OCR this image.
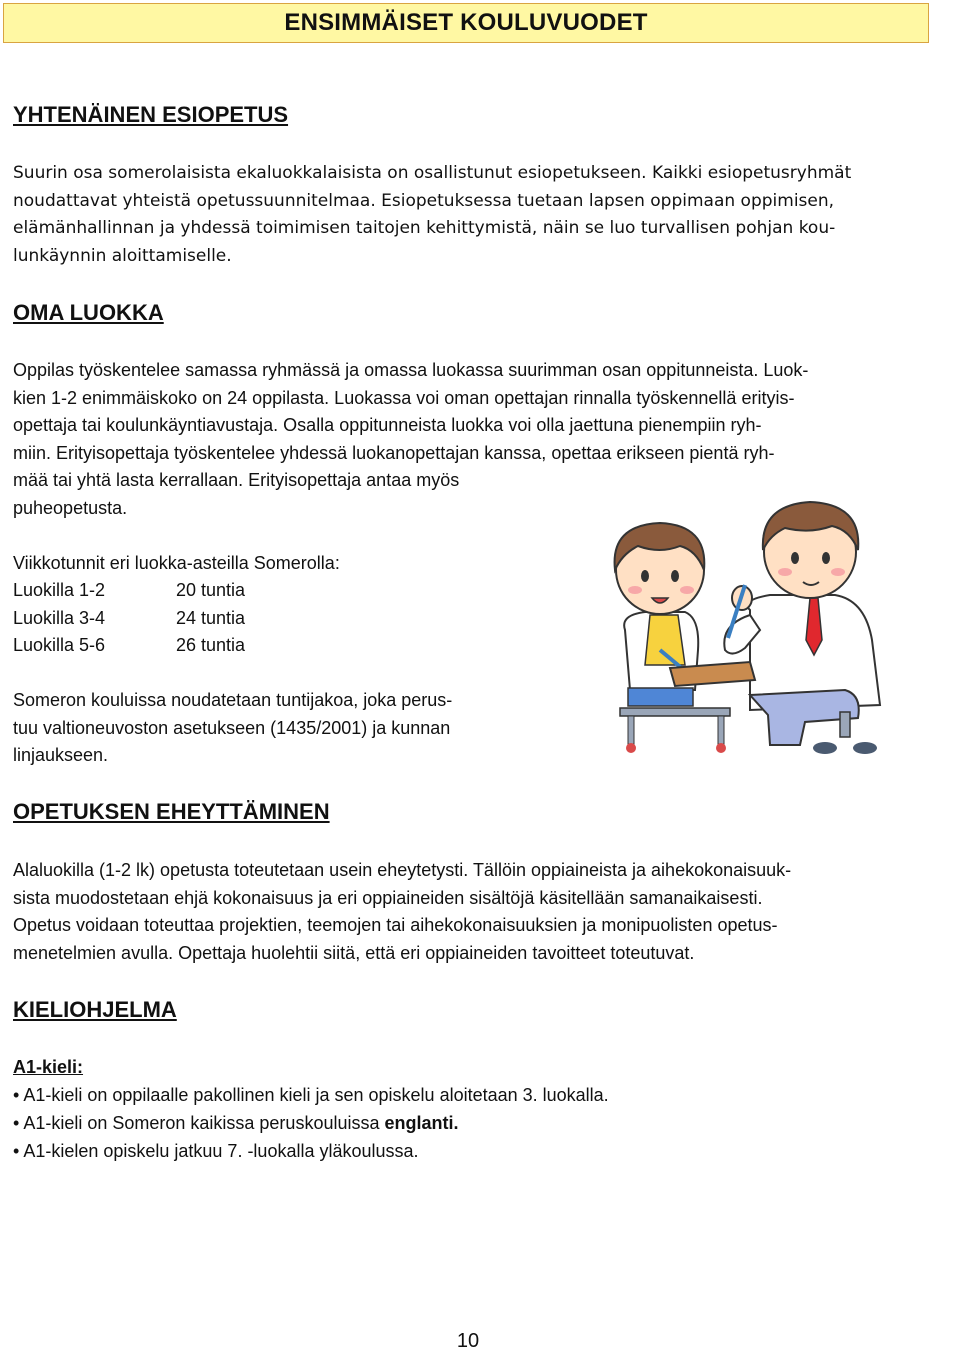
ENSIMMÄISET KOULUVUODET
YHTENÄINEN ESIOPETUS
Suurin osa somerolaisista ekaluokkalaisista on osallistunut esiopetukseen. Kaikki esiopetusryhmät
noudattavat yhteistä opetussuunnitelmaa. Esiopetuksessa tuetaan lapsen oppimaan oppimisen,
elämänhallinnan ja yhdessä toimimisen taitojen kehittymistä, näin se luo turvallisen pohjan kou-
lunkäynnin aloittamiselle.
OMA LUOKKA
Oppilas työskentelee samassa ryhmässä ja omassa luokassa suurimman osan oppitunneista. Luok-
kien 1-2 enimmäiskoko on 24 oppilasta. Luokassa voi oman opettajan rinnalla työskennellä erityis-
opettaja tai koulunkäyntiavustaja. Osalla oppitunneista luokka voi olla jaettuna pienempiin ryh-
miin. Erityisopettaja työskentelee yhdessä luokanopettajan kanssa, opettaa erikseen pientä ryh-
mää tai yhtä lasta kerrallaan. Erityisopettaja antaa myös
puheopetusta.
Viikkotunnit eri luokka-asteilla Somerolla:
Luokilla 1-2	20 tuntia
Luokilla 3-4	24 tuntia
Luokilla 5-6	26 tuntia
Someron kouluissa noudatetaan tuntijakoa, joka perus-
tuu valtioneuvoston asetukseen (1435/2001) ja kunnan
linjaukseen.
OPETUKSEN EHEYTTÄMINEN
Alaluokilla (1-2 lk) opetusta toteutetaan usein eheytetysti. Tällöin oppiaineista ja aihekokonaisuuk-
sista muodostetaan ehjä kokonaisuus ja eri oppiaineiden sisältöjä käsitellään samanaikaisesti.
Opetus voidaan toteuttaa projektien, teemojen tai aihekokonaisuuksien ja monipuolisten opetus-
menetelmien avulla. Opettaja huolehtii siitä, että eri oppiaineiden tavoitteet toteutuvat.
KIELIOHJELMA
A1-kieli:
• A1-kieli on oppilaalle pakollinen kieli ja sen opiskelu aloitetaan 3. luokalla.
• A1-kieli on Someron kaikissa peruskouluissa englanti.
• A1-kielen opiskelu jatkuu 7. -luokalla yläkoulussa.
10
